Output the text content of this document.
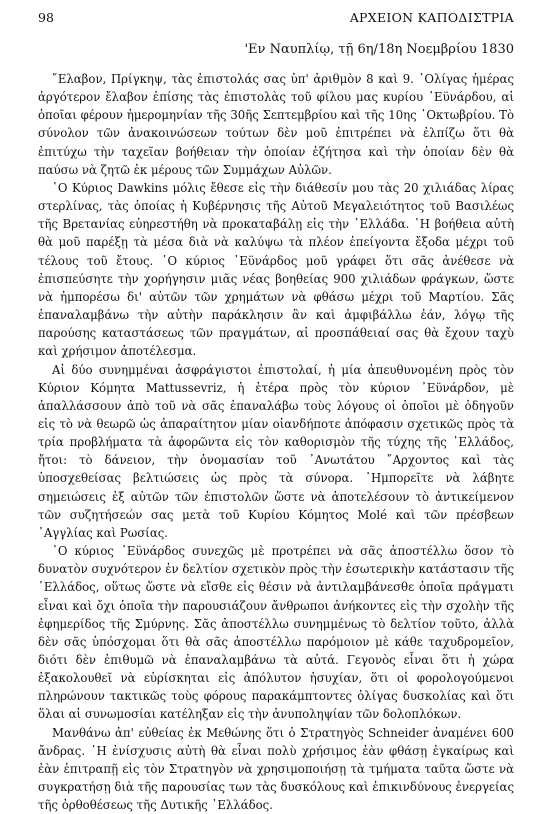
98	ΑΡΧΕΙΟΝ ΚΑΠΟΔΙΣΤΡΙΑ
'Εν Ναυπλίῳ, τῇ 6η/18η Νοεμβρίου 1830

῎Ελαβον, Πρίγκηψ, τὰς ἐπιστολάς σας ὑπ' ἀριθμὸν 8 καὶ 9. ᾽Ολίγας ἡμέρας ἀργότερον ἔλαβον ἐπίσης τὰς ἐπιστολὰς τοῦ φίλου μας κυρίου ᾽Εϋνάρδου, αἱ ὁποῖαι φέρουν ἡμερομηνίαν τῆς 30ῆς Σεπτεμβρίου καὶ τῆς 10ης ᾽Οκτωβρίου. Τὸ σύνολον τῶν ἀνακοινώσεων τούτων δὲν μοῦ ἐπιτρέπει νὰ ἐλπίζω ὅτι θὰ ἐπιτύχω τὴν ταχεῖαν βοήθειαν τὴν ὁποίαν ἐζήτησα καὶ τὴν ὁποίαν δὲν θὰ παύσω νὰ ζητῶ ἐκ μέρους τῶν Συμμάχων Αὐλῶν.

῾Ο Κύριος Dawkins μόλις ἔθεσε εἰς τὴν διάθεσίν μου τὰς 20 χιλιάδας λίρας στερλίνας, τὰς ὁποίας ἡ Κυβέρνησις τῆς Αὐτοῦ Μεγαλειότητος τοῦ Βασιλέως τῆς Βρετανίας εὐηρεστήθη νὰ προκαταβάλῃ εἰς τὴν ᾽Ελλάδα. ῾Η βοήθεια αὐτὴ θὰ μοῦ παρέξῃ τὰ μέσα διὰ νὰ καλύψω τὰ πλέον ἐπείγοντα ἔξοδα μέχρι τοῦ τέλους τοῦ ἔτους. ῾Ο κύριος ᾽Εϋνάρδος μοῦ γράφει ὅτι σᾶς ἀνέθεσε νὰ ἐπισπεύσητε τὴν χορήγησιν μιᾶς νέας βοηθείας 900 χιλιάδων φράγκων, ὥστε νὰ ἠμπορέσω δι' αὐτῶν τῶν χρημάτων νὰ φθάσω μέχρι τοῦ Μαρτίου. Σᾶς ἐπαναλαμβάνω τὴν αὐτὴν παράκλησιν ἂν καὶ ἀμφιβάλλω ἐάν, λόγῳ τῆς παρούσης καταστάσεως τῶν πραγμάτων, αἱ προσπάθειαί σας θὰ ἔχουν ταχὺ καὶ χρήσιμον ἀποτέλεσμα.

Αἱ δύο συνημμέναι ἀσφράγιστοι ἐπιστολαί, ἡ μία ἀπευθυνομένη πρὸς τὸν Κύριον Κόμητα Mattussevriz, ἡ ἑτέρα πρὸς τὸν κύριον ᾽Εϋνάρδον, μὲ ἀπαλλάσσουν ἀπὸ τοῦ νὰ σᾶς ἐπαναλάβω τοὺς λόγους οἱ ὁποῖοι μὲ ὁδηγοῦν εἰς τὸ νὰ θεωρῶ ὡς ἀπαραίτητον μίαν οἱανδήποτε ἀπόφασιν σχετικῶς πρὸς τὰ τρία προβλήματα τὰ ἀφορῶντα εἰς τὸν καθορισμὸν τῆς τύχης τῆς ᾽Ελλάδος, ἤτοι: τὸ δάνειον, τὴν ὀνομασίαν τοῦ ᾽Ανωτάτου ῎Αρχοντος καὶ τὰς ὑποσχεθείσας βελτιώσεις ὡς πρὸς τὰ σύνορα. ᾽Ημπορεῖτε νὰ λάβητε σημειώσεις ἐξ αὐτῶν τῶν ἐπιστολῶν ὥστε νὰ ἀποτελέσουν τὸ ἀντικείμενον τῶν συζητήσεών σας μετὰ τοῦ Κυρίου Κόμητος Molé καὶ τῶν πρέσβεων ᾽Αγγλίας καὶ Ρωσίας.

῾Ο κύριος ᾽Εϋνάρδος συνεχῶς μὲ προτρέπει νὰ σᾶς ἀποστέλλω ὅσον τὸ δυνατὸν συχνότερον ἐν δελτίον σχετικὸν πρὸς τὴν ἐσωτερικὴν κατάστασιν τῆς ᾽Ελλάδος, οὕτως ὥστε νὰ εἴσθε εἰς θέσιν νὰ ἀντιλαμβάνεσθε ὁποῖα πράγματι εἶναι καὶ ὄχι ὁποῖα τὴν παρουσιάζουν ἄνθρωποι ἀνήκοντες εἰς τὴν σχολὴν τῆς ἐφημερίδος τῆς Σμύρνης. Σᾶς ἀποστέλλω συνημμένως τὸ δελτίον τοῦτο, ἀλλὰ δὲν σᾶς ὑπόσχομαι ὅτι θὰ σᾶς ἀποστέλλω παρόμοιον μὲ κάθε ταχυδρομεῖον, διότι δὲν ἐπιθυμῶ νὰ ἐπαναλαμβάνω τὰ αὐτά. Γεγονὸς εἶναι ὅτι ἡ χώρα ἐξακολουθεῖ νὰ εὑρίσκηται εἰς ἀπόλυτον ἡσυχίαν, ὅτι οἱ φορολογούμενοι πληρώνουν τακτικῶς τοὺς φόρους παρακάμπτοντες ὀλίγας δυσκολίας καὶ ὅτι ὅλαι αἱ συνωμοσίαι κατέληξαν εἰς τὴν ἀνυποληψίαν τῶν δολοπλόκων.

Μανθάνω ἀπ' εὐθείας ἐκ Μεθώνης ὅτι ὁ Στρατηγὸς Schneider ἀναμένει 600 ἄνδρας. ῾Η ἐνίσχυσις αὐτὴ θὰ εἶναι πολὺ χρήσιμος ἐὰν φθάσῃ ἐγκαίρως καὶ ἐὰν ἐπιτραπῇ εἰς τὸν Στρατηγὸν νὰ χρησιμοποιήσῃ τὰ τμήματα ταῦτα ὥστε νὰ συγκρατήσῃ διὰ τῆς παρουσίας των τὰς δυσκόλους καὶ ἐπικινδύνους ἐνεργείας τῆς ὀρθοθέσεως τῆς Δυτικῆς ᾽Ελλάδος.
